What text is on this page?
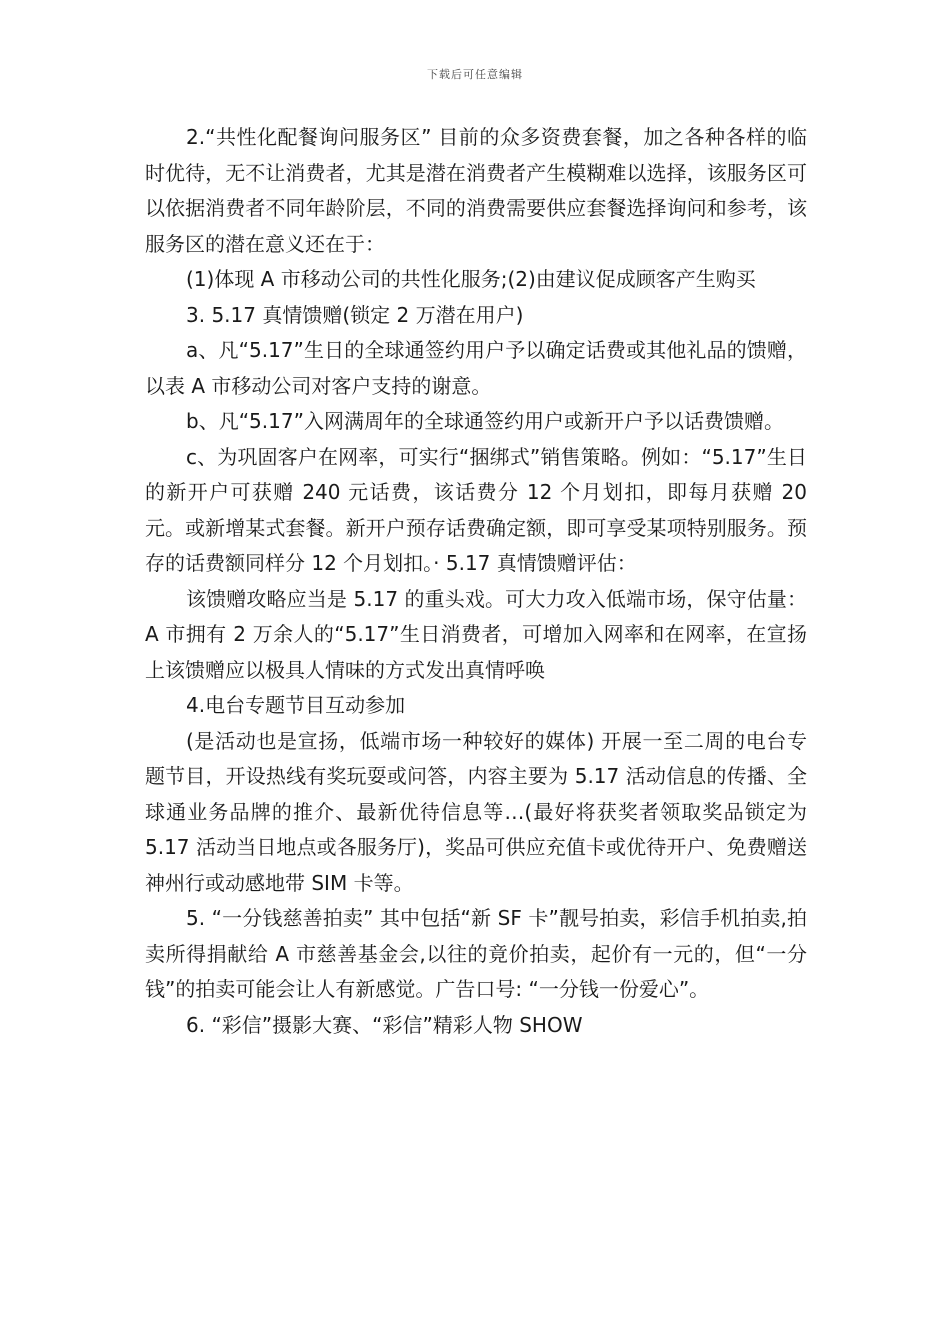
下载后可任意编辑

2.“共性化配餐询问服务区” 目前的众多资费套餐，加之各种各样的临时优待，无不让消费者，尤其是潜在消费者产生模糊难以选择，该服务区可以依据消费者不同年龄阶层，不同的消费需要供应套餐选择询问和参考，该服务区的潜在意义还在于：

(1)体现 A 市移动公司的共性化服务;(2)由建议促成顾客产生购买

3. 5.17 真情馈赠(锁定 2 万潜在用户)

a、凡“5.17”生日的全球通签约用户予以确定话费或其他礼品的馈赠，以表 A 市移动公司对客户支持的谢意。

b、凡“5.17”入网满周年的全球通签约用户或新开户予以话费馈赠。

c、为巩固客户在网率，可实行“捆绑式”销售策略。例如：“5.17”生日的新开户可获赠 240 元话费，该话费分 12 个月划扣，即每月获赠 20 元。或新增某式套餐。新开户预存话费确定额，即可享受某项特别服务。预存的话费额同样分 12 个月划扣。· 5.17 真情馈赠评估：

该馈赠攻略应当是 5.17 的重头戏。可大力攻入低端市场，保守估量：A 市拥有 2 万余人的“5.17”生日消费者，可增加入网率和在网率，在宣扬上该馈赠应以极具人情味的方式发出真情呼唤

4.电台专题节目互动参加

(是活动也是宣扬，低端市场一种较好的媒体) 开展一至二周的电台专题节目，开设热线有奖玩耍或问答，内容主要为 5.17 活动信息的传播、全球通业务品牌的推介、最新优待信息等…(最好将获奖者领取奖品锁定为 5.17 活动当日地点或各服务厅)，奖品可供应充值卡或优待开户、免费赠送神州行或动感地带 SIM 卡等。

5. “一分钱慈善拍卖” 其中包括“新 SF 卡”靓号拍卖，彩信手机拍卖,拍卖所得捐献给 A 市慈善基金会,以往的竟价拍卖，起价有一元的，但“一分钱”的拍卖可能会让人有新感觉。广告口号: “一分钱一份爱心”。

6. “彩信”摄影大赛、“彩信”精彩人物 SHOW
